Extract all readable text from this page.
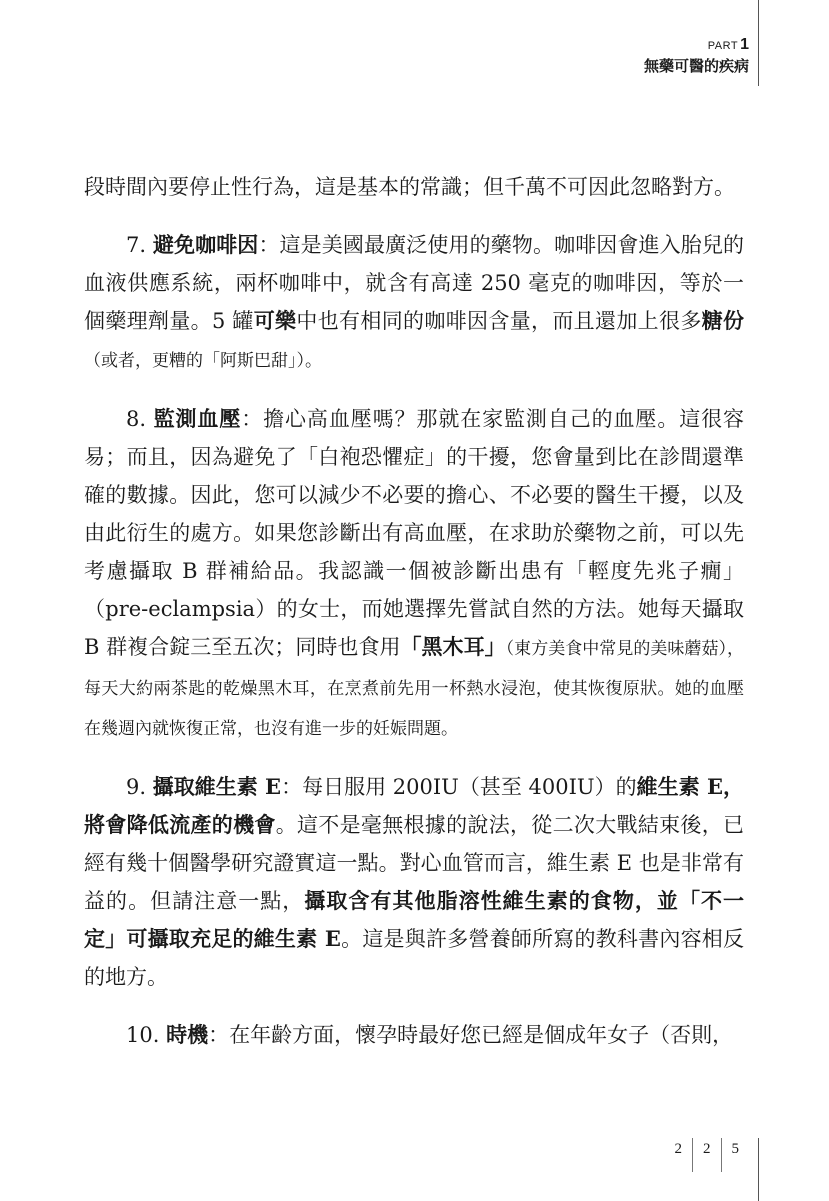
PART 1
無藥可醫的疾病

段時間內要停止性行為，這是基本的常識；但千萬不可因此忽略對方。

7. 避免咖啡因：這是美國最廣泛使用的藥物。咖啡因會進入胎兒的血液供應系統，兩杯咖啡中，就含有高達 250 毫克的咖啡因，等於一個藥理劑量。5 罐可樂中也有相同的咖啡因含量，而且還加上很多糖份（或者，更糟的「阿斯巴甜」）。

8. 監測血壓：擔心高血壓嗎？那就在家監測自己的血壓。這很容易；而且，因為避免了「白袍恐懼症」的干擾，您會量到比在診間還準確的數據。因此，您可以減少不必要的擔心、不必要的醫生干擾，以及由此衍生的處方。如果您診斷出有高血壓，在求助於藥物之前，可以先考慮攝取 B 群補給品。我認識一個被診斷出患有「輕度先兆子癇」（pre-eclampsia）的女士，而她選擇先嘗試自然的方法。她每天攝取 B 群複合錠三至五次；同時也食用「黑木耳」（東方美食中常見的美味蘑菇），每天大約兩茶匙的乾燥黑木耳，在烹煮前先用一杯熱水浸泡，使其恢復原狀。她的血壓在幾週內就恢復正常，也沒有進一步的妊娠問題。

9. 攝取維生素 E：每日服用 200IU（甚至 400IU）的維生素 E，將會降低流產的機會。這不是毫無根據的說法，從二次大戰結束後，已經有幾十個醫學研究證實這一點。對心血管而言，維生素 E 也是非常有益的。但請注意一點，攝取含有其他脂溶性維生素的食物，並「不一定」可攝取充足的維生素 E。這是與許多營養師所寫的教科書內容相反的地方。

10. 時機：在年齡方面，懷孕時最好您已經是個成年女子（否則，

2	2	5
